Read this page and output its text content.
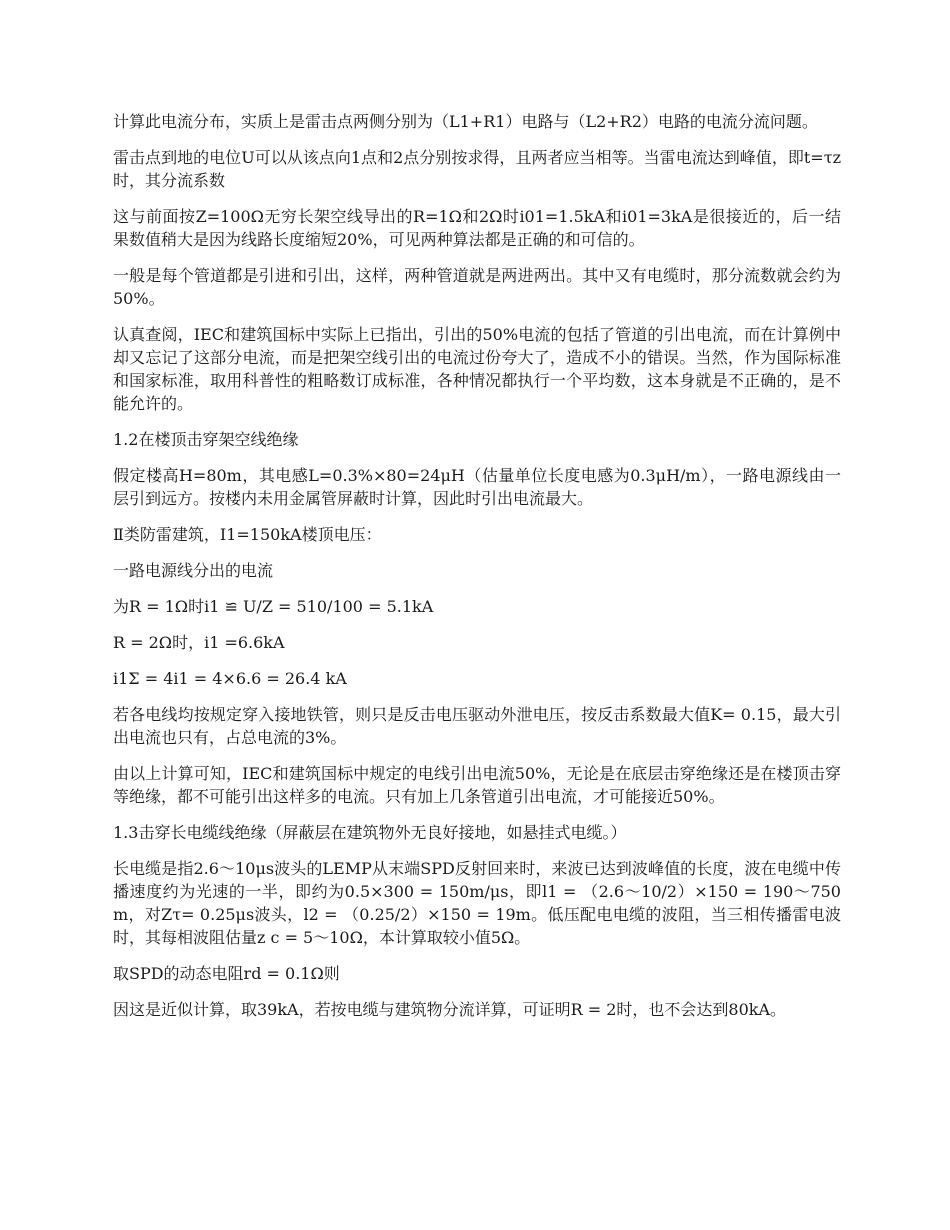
计算此电流分布，实质上是雷击点两侧分别为（L1+R1）电路与（L2+R2）电路的电流分流问题。

雷击点到地的电位U可以从该点向1点和2点分别按求得，且两者应当相等。当雷电流达到峰值，即t=τz时，其分流系数

这与前面按Z=100Ω无穷长架空线导出的R=1Ω和2Ω时i01=1.5kA和i01=3kA是很接近的，后一结果数值稍大是因为线路长度缩短20%，可见两种算法都是正确的和可信的。

一般是每个管道都是引进和引出，这样，两种管道就是两进两出。其中又有电缆时，那分流数就会约为50%。

认真查阅，IEC和建筑国标中实际上已指出，引出的50%电流的包括了管道的引出电流，而在计算例中却又忘记了这部分电流，而是把架空线引出的电流过份夸大了，造成不小的错误。当然，作为国际标准和国家标准，取用科普性的粗略数订成标准，各种情况都执行一个平均数，这本身就是不正确的，是不能允许的。

1.2在楼顶击穿架空线绝缘

假定楼高H=80m，其电感L=0.3%×80=24μH（估量单位长度电感为0.3μH/m），一路电源线由一层引到远方。按楼内未用金属管屏蔽时计算，因此时引出电流最大。

Ⅱ类防雷建筑，I1=150kA楼顶电压：

一路电源线分出的电流

为R = 1Ω时i1 ≌ U/Z = 510/100 = 5.1kA

R = 2Ω时，i1 =6.6kA

i1Σ = 4i1 = 4×6.6 = 26.4 kA

若各电线均按规定穿入接地铁管，则只是反击电压驱动外泄电压，按反击系数最大值K= 0.15，最大引出电流也只有，占总电流的3%。

由以上计算可知，IEC和建筑国标中规定的电线引出电流50%，无论是在底层击穿绝缘还是在楼顶击穿等绝缘，都不可能引出这样多的电流。只有加上几条管道引出电流，才可能接近50%。

1.3击穿长电缆线绝缘（屏蔽层在建筑物外无良好接地，如悬挂式电缆。）

长电缆是指2.6～10μs波头的LEMP从末端SPD反射回来时，来波已达到波峰值的长度，波在电缆中传播速度约为光速的一半，即约为0.5×300 = 150m/μs，即l1 = （2.6～10/2）×150 = 190～750m，对Zτ= 0.25μs波头，l2 = （0.25/2）×150 = 19m。低压配电电缆的波阻，当三相传播雷电波时，其每相波阻估量z c = 5～10Ω，本计算取较小值5Ω。

取SPD的动态电阻rd = 0.1Ω则

因这是近似计算，取39kA，若按电缆与建筑物分流详算，可证明R = 2时，也不会达到80kA。
